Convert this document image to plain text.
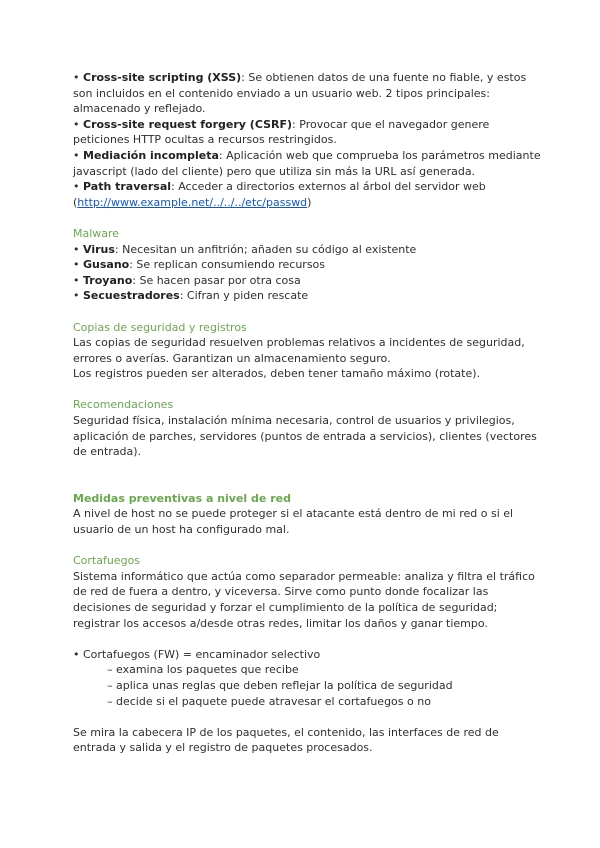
• Cross-site scripting (XSS): Se obtienen datos de una fuente no fiable, y estos son incluidos en el contenido enviado a un usuario web. 2 tipos principales: almacenado y reflejado.

• Cross-site request forgery (CSRF): Provocar que el navegador genere peticiones HTTP ocultas a recursos restringidos.

• Mediación incompleta: Aplicación web que comprueba los parámetros mediante javascript (lado del cliente) pero que utiliza sin más la URL así generada.

• Path traversal: Acceder a directorios externos al árbol del servidor web
(http://www.example.net/../../../etc/passwd)

Malware

• Virus: Necesitan un anfitrión; añaden su código al existente

• Gusano: Se replican consumiendo recursos

• Troyano: Se hacen pasar por otra cosa

• Secuestradores: Cifran y piden rescate

Copias de seguridad y registros

Las copias de seguridad resuelven problemas relativos a incidentes de seguridad, errores o averías. Garantizan un almacenamiento seguro.

Los registros pueden ser alterados, deben tener tamaño máximo (rotate).

Recomendaciones

Seguridad física, instalación mínima necesaria, control de usuarios y privilegios, aplicación de parches, servidores (puntos de entrada a servicios), clientes (vectores de entrada).

Medidas preventivas a nivel de red

A nivel de host no se puede proteger si el atacante está dentro de mi red o si el usuario de un host ha configurado mal.

Cortafuegos

Sistema informático que actúa como separador permeable: analiza y filtra el tráfico de red de fuera a dentro, y viceversa. Sirve como punto donde focalizar las decisiones de seguridad y forzar el cumplimiento de la política de seguridad; registrar los accesos a/desde otras redes, limitar los daños y ganar tiempo.

• Cortafuegos (FW) = encaminador selectivo

– examina los paquetes que recibe

– aplica unas reglas que deben reflejar la política de seguridad

– decide si el paquete puede atravesar el cortafuegos o no

Se mira la cabecera IP de los paquetes, el contenido, las interfaces de red de entrada y salida y el registro de paquetes procesados.
